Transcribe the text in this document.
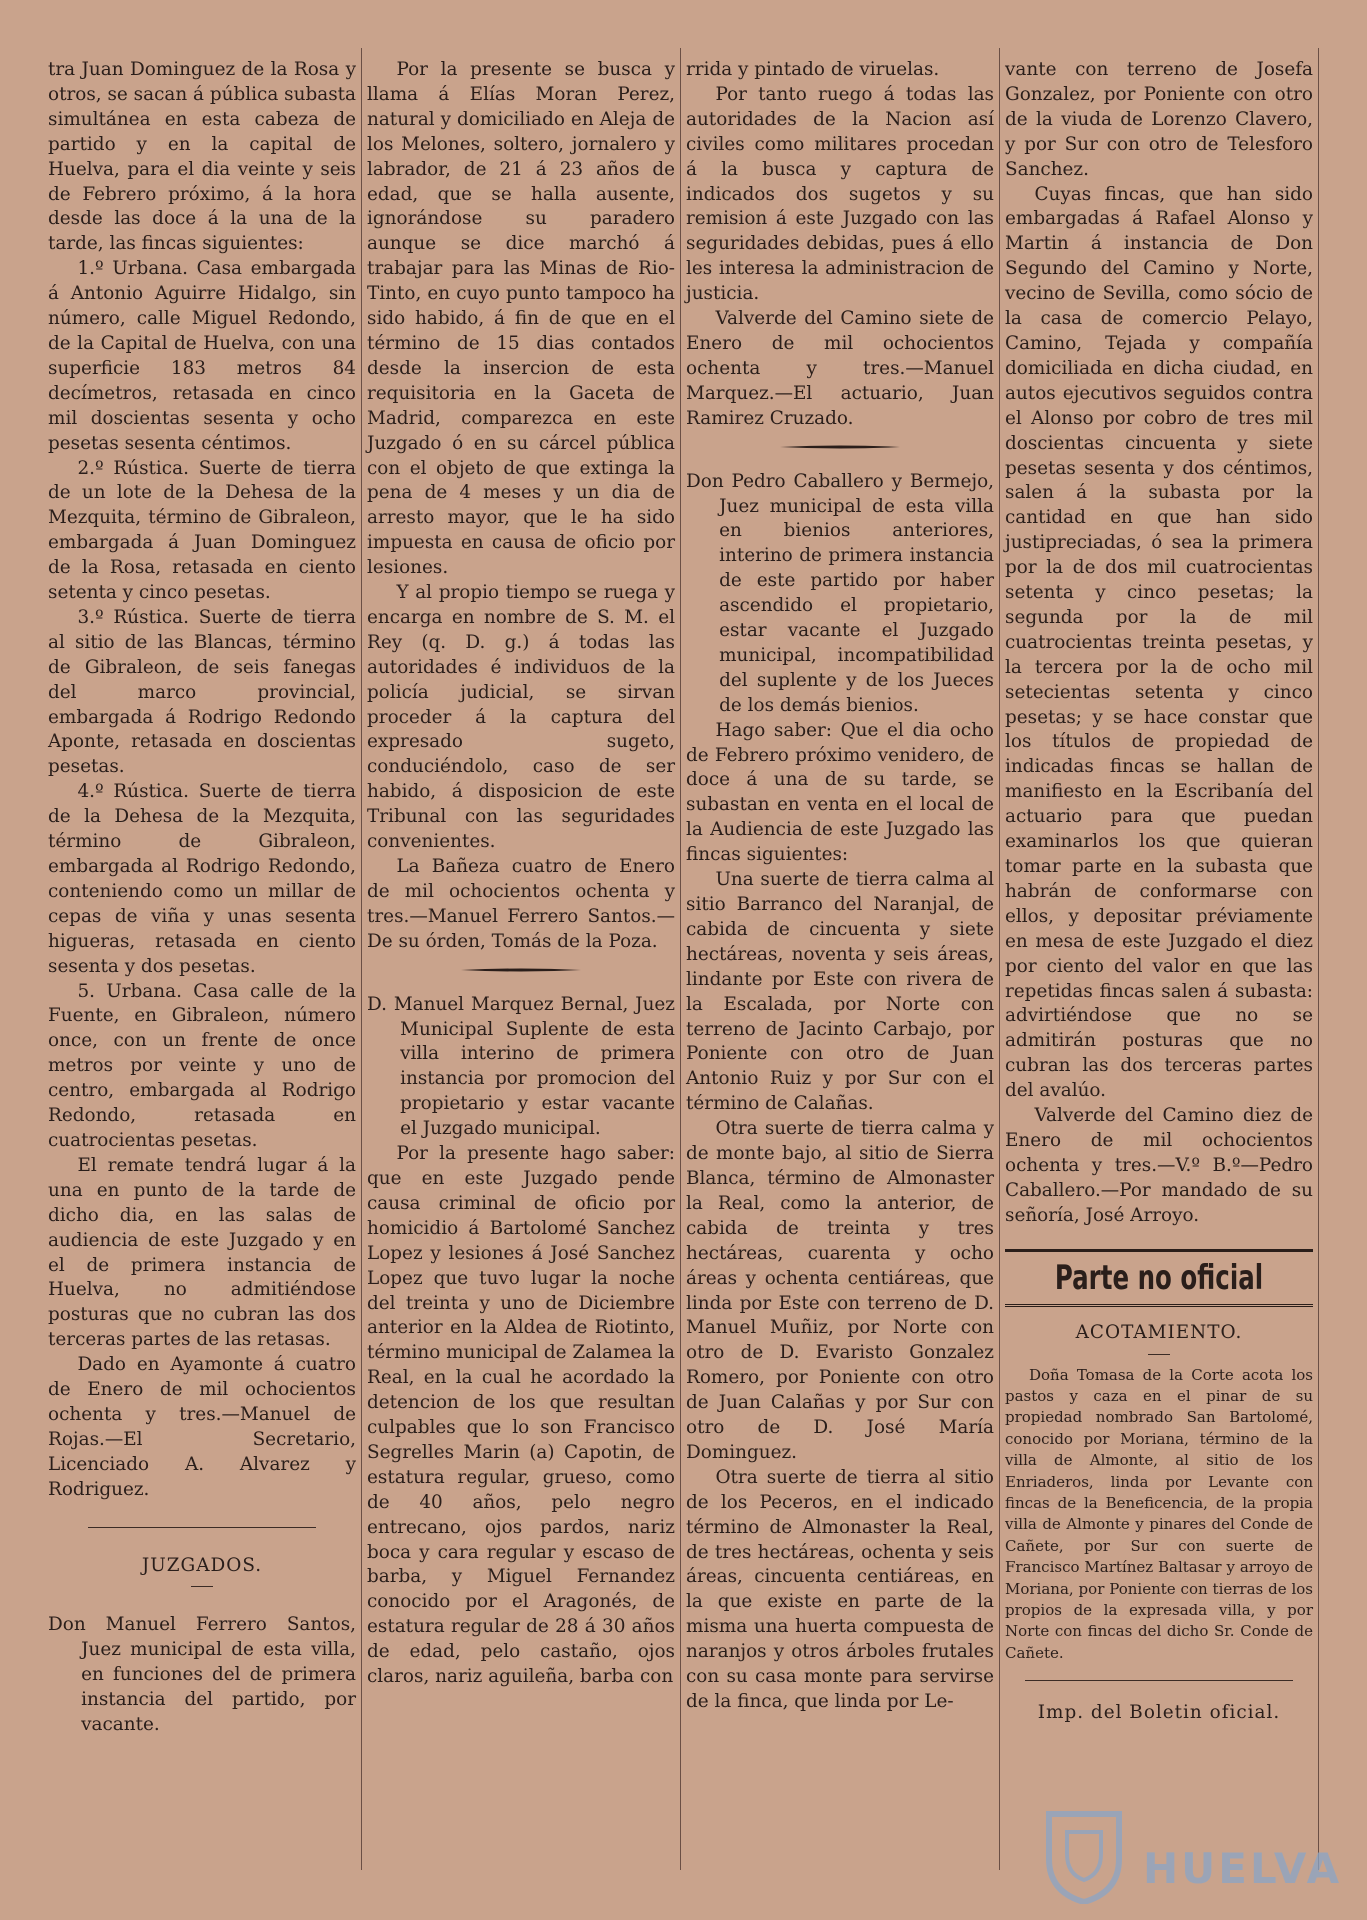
tra Juan Dominguez de la Rosa y otros, se sacan á pública subasta simultánea en esta cabeza de partido y en la capital de Huelva, para el dia veinte y seis de Febrero próximo, á la hora desde las doce á la una de la tarde, las fincas siguientes:

1.º Urbana. Casa embargada á Antonio Aguirre Hidalgo, sin número, calle Miguel Redondo, de la Capital de Huelva, con una superficie 183 metros 84 decímetros, retasada en cinco mil doscientas sesenta y ocho pesetas sesenta céntimos.

2.º Rústica. Suerte de tierra de un lote de la Dehesa de la Mezquita, término de Gibraleon, embargada á Juan Dominguez de la Rosa, retasada en ciento setenta y cinco pesetas.

3.º Rústica. Suerte de tierra al sitio de las Blancas, término de Gibraleon, de seis fanegas del marco provincial, embargada á Rodrigo Redondo Aponte, retasada en doscientas pesetas.

4.º Rústica. Suerte de tierra de la Dehesa de la Mezquita, término de Gibraleon, embargada al Rodrigo Redondo, conteniendo como un millar de cepas de viña y unas sesenta higueras, retasada en ciento sesenta y dos pesetas.

5. Urbana. Casa calle de la Fuente, en Gibraleon, número once, con un frente de once metros por veinte y uno de centro, embargada al Rodrigo Redondo, retasada en cuatrocientas pesetas.

El remate tendrá lugar á la una en punto de la tarde de dicho dia, en las salas de audiencia de este Juzgado y en el de primera instancia de Huelva, no admitiéndose posturas que no cubran las dos terceras partes de las retasas.

Dado en Ayamonte á cuatro de Enero de mil ochocientos ochenta y tres.—Manuel de Rojas.—El Secretario, Licenciado A. Alvarez y Rodriguez.

JUZGADOS.

Don Manuel Ferrero Santos, Juez municipal de esta villa, en funciones del de primera instancia del partido, por vacante.

Por la presente se busca y llama á Elías Moran Perez, natural y domiciliado en Aleja de los Melones, soltero, jornalero y labrador, de 21 á 23 años de edad, que se halla ausente, ignorándose su paradero aunque se dice marchó á trabajar para las Minas de Rio-Tinto, en cuyo punto tampoco ha sido habido, á fin de que en el término de 15 dias contados desde la insercion de esta requisitoria en la Gaceta de Madrid, comparezca en este Juzgado ó en su cárcel pública con el objeto de que extinga la pena de 4 meses y un dia de arresto mayor, que le ha sido impuesta en causa de oficio por lesiones.

Y al propio tiempo se ruega y encarga en nombre de S. M. el Rey (q. D. g.) á todas las autoridades é individuos de la policía judicial, se sirvan proceder á la captura del expresado sugeto, conduciéndolo, caso de ser habido, á disposicion de este Tribunal con las seguridades convenientes.

La Bañeza cuatro de Enero de mil ochocientos ochenta y tres.—Manuel Ferrero Santos.—De su órden, Tomás de la Poza.

D. Manuel Marquez Bernal, Juez Municipal Suplente de esta villa interino de primera instancia por promocion del propietario y estar vacante el Juzgado municipal.

Por la presente hago saber: que en este Juzgado pende causa criminal de oficio por homicidio á Bartolomé Sanchez Lopez y lesiones á José Sanchez Lopez que tuvo lugar la noche del treinta y uno de Diciembre anterior en la Aldea de Riotinto, término municipal de Zalamea la Real, en la cual he acordado la detencion de los que resultan culpables que lo son Francisco Segrelles Marin (a) Capotin, de estatura regular, grueso, como de 40 años, pelo negro entrecano, ojos pardos, nariz boca y cara regular y escaso de barba, y Miguel Fernandez conocido por el Aragonés, de estatura regular de 28 á 30 años de edad, pelo castaño, ojos claros, nariz aguileña, barba con

rrida y pintado de viruelas.

Por tanto ruego á todas las autoridades de la Nacion así civiles como militares procedan á la busca y captura de indicados dos sugetos y su remision á este Juzgado con las seguridades debidas, pues á ello les interesa la administracion de justicia.

Valverde del Camino siete de Enero de mil ochocientos ochenta y tres.—Manuel Marquez.—El actuario, Juan Ramirez Cruzado.

Don Pedro Caballero y Bermejo, Juez municipal de esta villa en bienios anteriores, interino de primera instancia de este partido por haber ascendido el propietario, estar vacante el Juzgado municipal, incompatibilidad del suplente y de los Jueces de los demás bienios.

Hago saber: Que el dia ocho de Febrero próximo venidero, de doce á una de su tarde, se subastan en venta en el local de la Audiencia de este Juzgado las fincas siguientes:

Una suerte de tierra calma al sitio Barranco del Naranjal, de cabida de cincuenta y siete hectáreas, noventa y seis áreas, lindante por Este con rivera de la Escalada, por Norte con terreno de Jacinto Carbajo, por Poniente con otro de Juan Antonio Ruiz y por Sur con el término de Calañas.

Otra suerte de tierra calma y de monte bajo, al sitio de Sierra Blanca, término de Almonaster la Real, como la anterior, de cabida de treinta y tres hectáreas, cuarenta y ocho áreas y ochenta centiáreas, que linda por Este con terreno de D. Manuel Muñiz, por Norte con otro de D. Evaristo Gonzalez Romero, por Poniente con otro de Juan Calañas y por Sur con otro de D. José María Dominguez.

Otra suerte de tierra al sitio de los Peceros, en el indicado término de Almonaster la Real, de tres hectáreas, ochenta y seis áreas, cincuenta centiáreas, en la que existe en parte de la misma una huerta compuesta de naranjos y otros árboles frutales con su casa monte para servirse de la finca, que linda por Le-

vante con terreno de Josefa Gonzalez, por Poniente con otro de la viuda de Lorenzo Clavero, y por Sur con otro de Telesforo Sanchez.

Cuyas fincas, que han sido embargadas á Rafael Alonso y Martin á instancia de Don Segundo del Camino y Norte, vecino de Sevilla, como sócio de la casa de comercio Pelayo, Camino, Tejada y compañía domiciliada en dicha ciudad, en autos ejecutivos seguidos contra el Alonso por cobro de tres mil doscientas cincuenta y siete pesetas sesenta y dos céntimos, salen á la subasta por la cantidad en que han sido justipreciadas, ó sea la primera por la de dos mil cuatrocientas setenta y cinco pesetas; la segunda por la de mil cuatrocientas treinta pesetas, y la tercera por la de ocho mil setecientas setenta y cinco pesetas; y se hace constar que los títulos de propiedad de indicadas fincas se hallan de manifiesto en la Escribanía del actuario para que puedan examinarlos los que quieran tomar parte en la subasta que habrán de conformarse con ellos, y depositar préviamente en mesa de este Juzgado el diez por ciento del valor en que las repetidas fincas salen á subasta: advirtiéndose que no se admitirán posturas que no cubran las dos terceras partes del avalúo.

Valverde del Camino diez de Enero de mil ochocientos ochenta y tres.—V.º B.º—Pedro Caballero.—Por mandado de su señoría, José Arroyo.

Parte no oficial

ACOTAMIENTO.

Doña Tomasa de la Corte acota los pastos y caza en el pinar de su propiedad nombrado San Bartolomé, conocido por Moriana, término de la villa de Almonte, al sitio de los Enriaderos, linda por Levante con fincas de la Beneficencia, de la propia villa de Almonte y pinares del Conde de Cañete, por Sur con suerte de Francisco Martínez Baltasar y arroyo de Moriana, por Poniente con tierras de los propios de la expresada villa, y por Norte con fincas del dicho Sr. Conde de Cañete.

Imp. del Boletin oficial.

HUELVA
